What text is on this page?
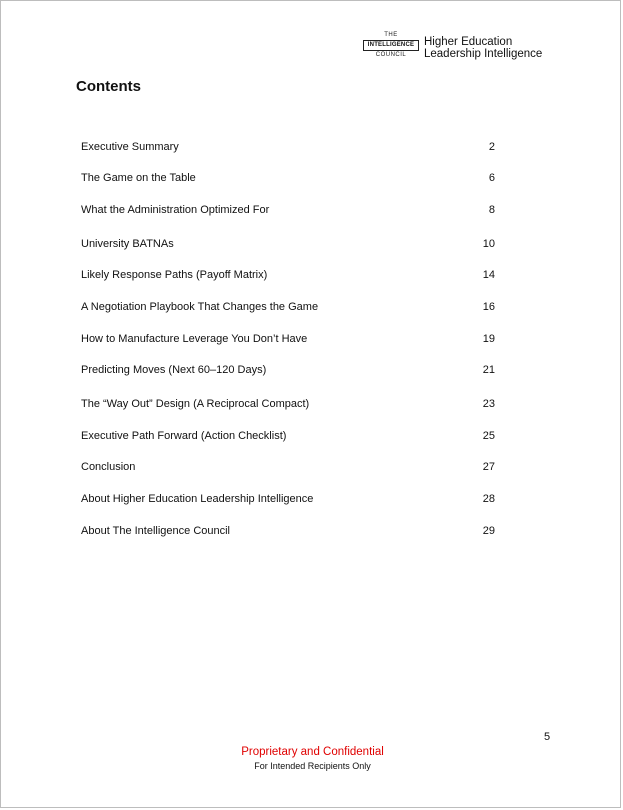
THE
INTELLIGENCE
COUNCIL
Higher Education
Leadership Intelligence
Contents
Executive Summary	2
The Game on the Table	6
What the Administration Optimized For	8
University BATNAs	10
Likely Response Paths (Payoff Matrix)	14
A Negotiation Playbook That Changes the Game	16
How to Manufacture Leverage You Don’t Have	19
Predicting Moves (Next 60–120 Days)	21
The “Way Out” Design (A Reciprocal Compact)	23
Executive Path Forward (Action Checklist)	25
Conclusion	27
About Higher Education Leadership Intelligence	28
About The Intelligence Council	29
5
Proprietary and Confidential
For Intended Recipients Only
